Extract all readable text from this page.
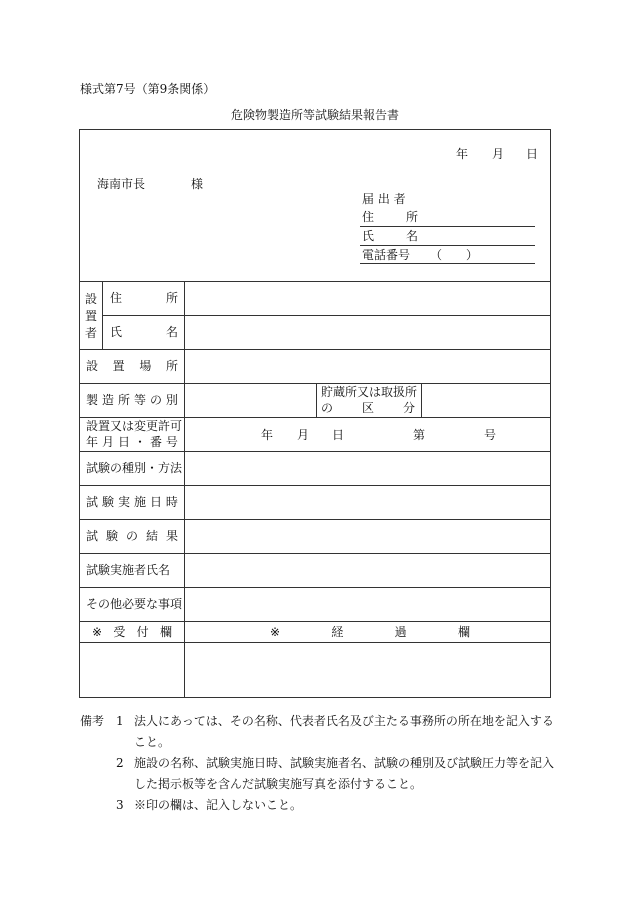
様式第7号（第9条関係）
危険物製造所等試験結果報告書
年 月 日
海南市長	様
届 出 者
住	所
氏	名
電話番号 （ ）
設
置
者
住	所
氏	名
設 置 場 所
製 造 所 等 の 別
貯蔵所又は取扱所
の 区 分
設置又は変更許可
年 月 日 ・ 番 号	年 月 日	第	号
試験の種別・方法
試 験 実 施 日 時
試 験 の 結 果
試験実施者氏名
その他必要な事項
※ 受 付 欄	※	経	過	欄
備考 1 法人にあっては、その名称、代表者氏名及び主たる事務所の所在地を記入すること。
2 施設の名称、試験実施日時、試験実施者名、試験の種別及び試験圧力等を記入した掲示板等を含んだ試験実施写真を添付すること。
3 ※印の欄は、記入しないこと。
